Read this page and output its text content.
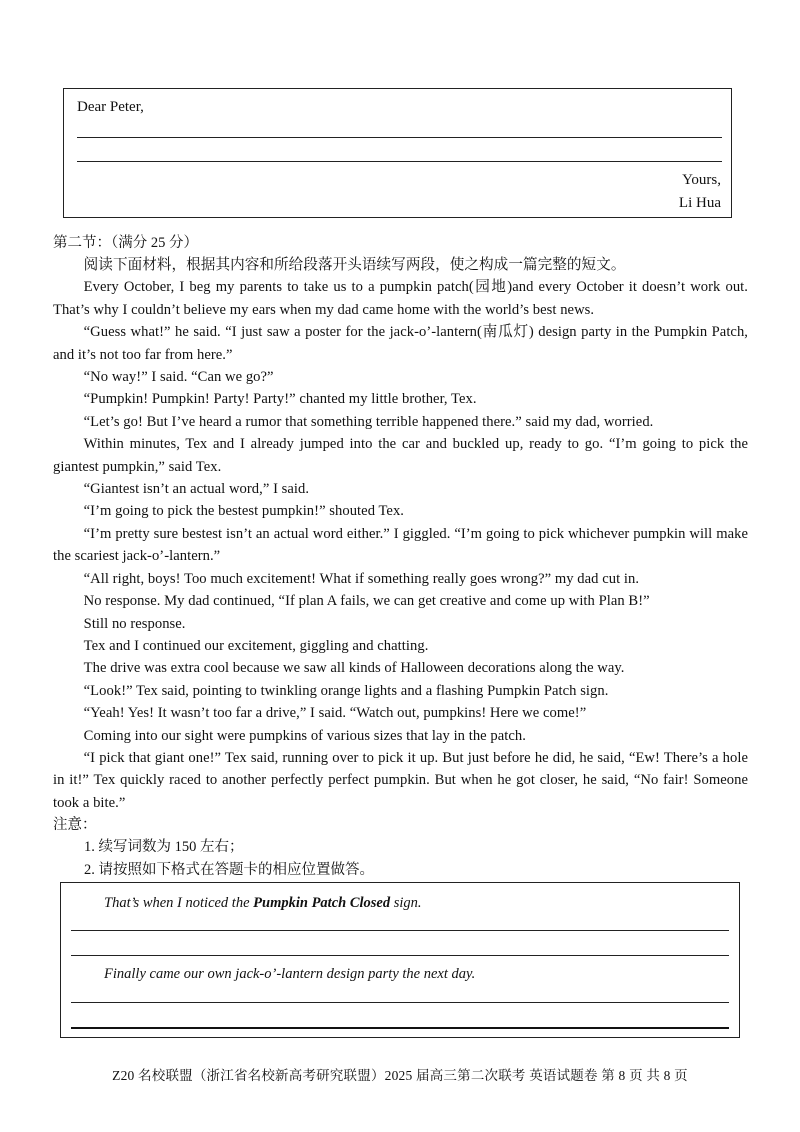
Dear Peter,
Yours,
Li Hua
第二节：（满分 25 分）

阅读下面材料，根据其内容和所给段落开头语续写两段，使之构成一篇完整的短文。

Every October, I beg my parents to take us to a pumpkin patch(园地)and every October it doesn’t work out. That’s why I couldn’t believe my ears when my dad came home with the world’s best news.

“Guess what!” he said. “I just saw a poster for the jack-o’-lantern(南瓜灯) design party in the Pumpkin Patch, and it’s not too far from here.”

“No way!” I said. “Can we go?”

“Pumpkin! Pumpkin! Party! Party!” chanted my little brother, Tex.

“Let’s go! But I’ve heard a rumor that something terrible happened there.” said my dad, worried.

Within minutes, Tex and I already jumped into the car and buckled up, ready to go. “I’m going to pick the giantest pumpkin,” said Tex.

“Giantest isn’t an actual word,” I said.

“I’m going to pick the bestest pumpkin!” shouted Tex.

“I’m pretty sure bestest isn’t an actual word either.” I giggled. “I’m going to pick whichever pumpkin will make the scariest jack-o’-lantern.”

“All right, boys! Too much excitement! What if something really goes wrong?” my dad cut in.

No response. My dad continued, “If plan A fails, we can get creative and come up with Plan B!”

Still no response.

Tex and I continued our excitement, giggling and chatting.

The drive was extra cool because we saw all kinds of Halloween decorations along the way.

“Look!” Tex said, pointing to twinkling orange lights and a flashing Pumpkin Patch sign.

“Yeah! Yes! It wasn’t too far a drive,” I said. “Watch out, pumpkins! Here we come!”

Coming into our sight were pumpkins of various sizes that lay in the patch.

“I pick that giant one!” Tex said, running over to pick it up. But just before he did, he said, “Ew! There’s a hole in it!” Tex quickly raced to another perfectly perfect pumpkin. But when he got closer, he said, “No fair! Someone took a bite.”

注意：

1. 续写词数为 150 左右；

2. 请按照如下格式在答题卡的相应位置做答。

That’s when I noticed the Pumpkin Patch Closed sign.
Finally came our own jack-o’-lantern design party the next day.
Z20 名校联盟（浙江省名校新高考研究联盟）2025 届高三第二次联考 英语试题卷 第 8 页 共 8 页
